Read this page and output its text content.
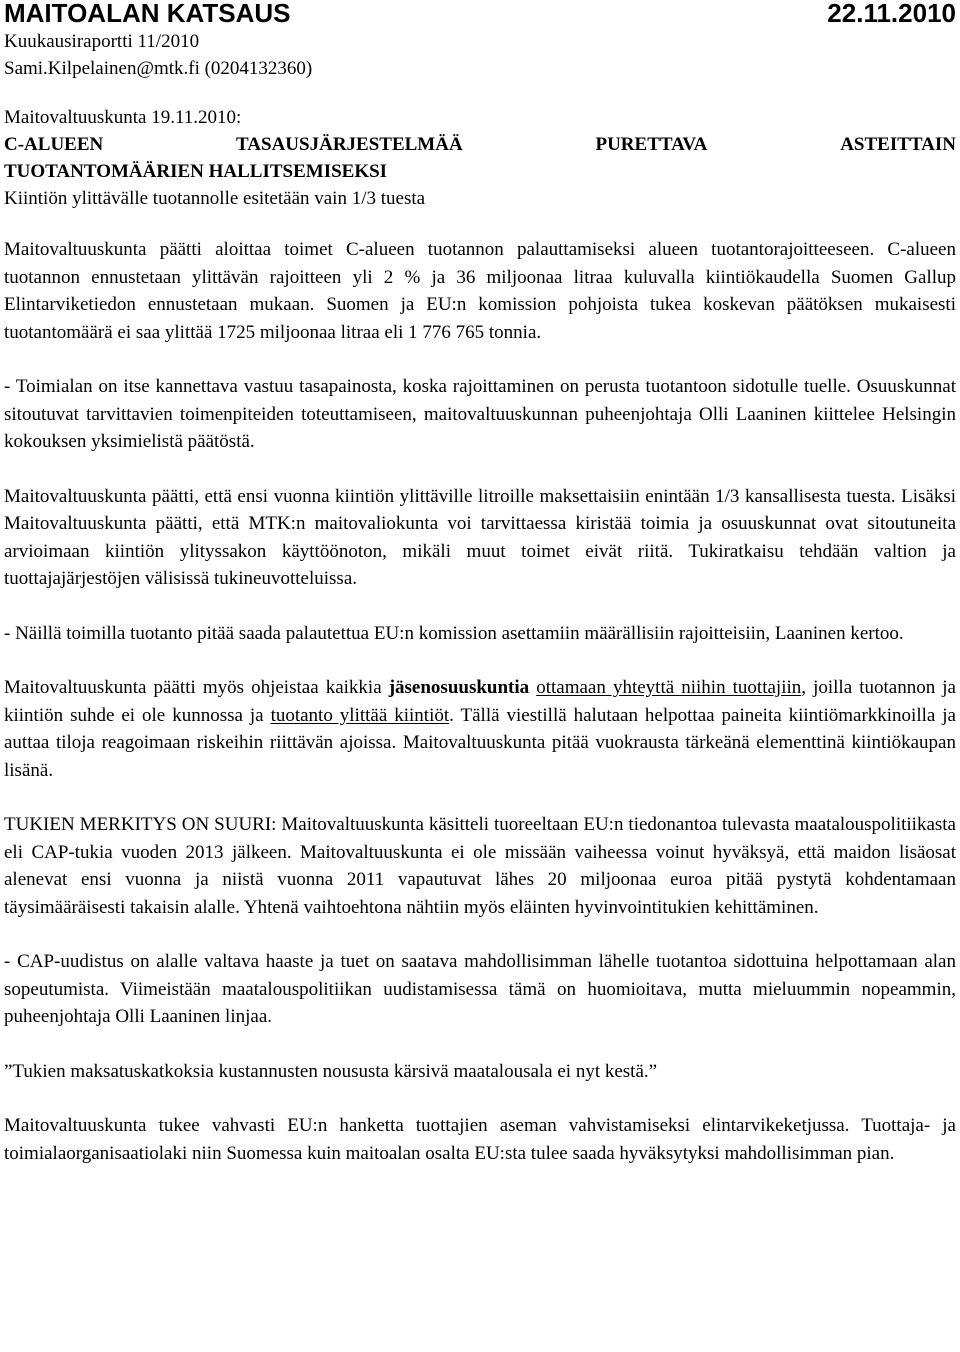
MAITOALAN KATSAUS	22.11.2010
Kuukausiraportti 11/2010
Sami.Kilpelainen@mtk.fi (0204132360)
Maitovaltuuskunta 19.11.2010:
C-ALUEEN	TASAUSJÄRJESTELMÄÄ	PURETTAVA	ASTEITTAIN
TUOTANTOMÄÄRIEN HALLITSEMISEKSI
Kiintiön ylittävälle tuotannolle esitetään vain 1/3 tuesta

Maitovaltuuskunta päätti aloittaa toimet C-alueen tuotannon palauttamiseksi alueen tuotantorajoitteeseen. C-alueen tuotannon ennustetaan ylittävän rajoitteen yli 2 % ja 36 miljoonaa litraa kuluvalla kiintiökaudella Suomen Gallup Elintarviketiedon ennustetaan mukaan. Suomen ja EU:n komission pohjoista tukea koskevan päätöksen mukaisesti tuotantomäärä ei saa ylittää 1725 miljoonaa litraa eli 1 776 765 tonnia.

- Toimialan on itse kannettava vastuu tasapainosta, koska rajoittaminen on perusta tuotantoon sidotulle tuelle. Osuuskunnat sitoutuvat tarvittavien toimenpiteiden toteuttamiseen, maitovaltuuskunnan puheenjohtaja Olli Laaninen kiittelee Helsingin kokouksen yksimielistä päätöstä.

Maitovaltuuskunta päätti, että ensi vuonna kiintiön ylittäville litroille maksettaisiin enintään 1/3 kansallisesta tuesta. Lisäksi Maitovaltuuskunta päätti, että MTK:n maitovaliokunta voi tarvittaessa kiristää toimia ja osuuskunnat ovat sitoutuneita arvioimaan kiintiön ylityssakon käyttöönoton, mikäli muut toimet eivät riitä. Tukiratkaisu tehdään valtion ja tuottajajärjestöjen välisissä tukineuvotteluissa.

- Näillä toimilla tuotanto pitää saada palautettua EU:n komission asettamiin määrällisiin rajoitteisiin, Laaninen kertoo.

Maitovaltuuskunta päätti myös ohjeistaa kaikkia jäsenosuuskuntia ottamaan yhteyttä niihin tuottajiin, joilla tuotannon ja kiintiön suhde ei ole kunnossa ja tuotanto ylittää kiintiöt. Tällä viestillä halutaan helpottaa paineita kiintiömarkkinoilla ja auttaa tiloja reagoimaan riskeihin riittävän ajoissa. Maitovaltuuskunta pitää vuokrausta tärkeänä elementtinä kiintiökaupan lisänä.

TUKIEN MERKITYS ON SUURI: Maitovaltuuskunta käsitteli tuoreeltaan EU:n tiedonantoa tulevasta maatalouspolitiikasta eli CAP-tukia vuoden 2013 jälkeen. Maitovaltuuskunta ei ole missään vaiheessa voinut hyväksyä, että maidon lisäosat alenevat ensi vuonna ja niistä vuonna 2011 vapautuvat lähes 20 miljoonaa euroa pitää pystytä kohdentamaan täysimääräisesti takaisin alalle. Yhtenä vaihtoehtona nähtiin myös eläinten hyvinvointitukien kehittäminen.

- CAP-uudistus on alalle valtava haaste ja tuet on saatava mahdollisimman lähelle tuotantoa sidottuina helpottamaan alan sopeutumista. Viimeistään maatalouspolitiikan uudistamisessa tämä on huomioitava, mutta mieluummin nopeammin, puheenjohtaja Olli Laaninen linjaa.

”Tukien maksatuskatkoksia kustannusten noususta kärsivä maatalousala ei nyt kestä.”

Maitovaltuuskunta tukee vahvasti EU:n hanketta tuottajien aseman vahvistamiseksi elintarvikeketjussa. Tuottaja- ja toimialaorganisaatiolaki niin Suomessa kuin maitoalan osalta EU:sta tulee saada hyväksytyksi mahdollisimman pian.
